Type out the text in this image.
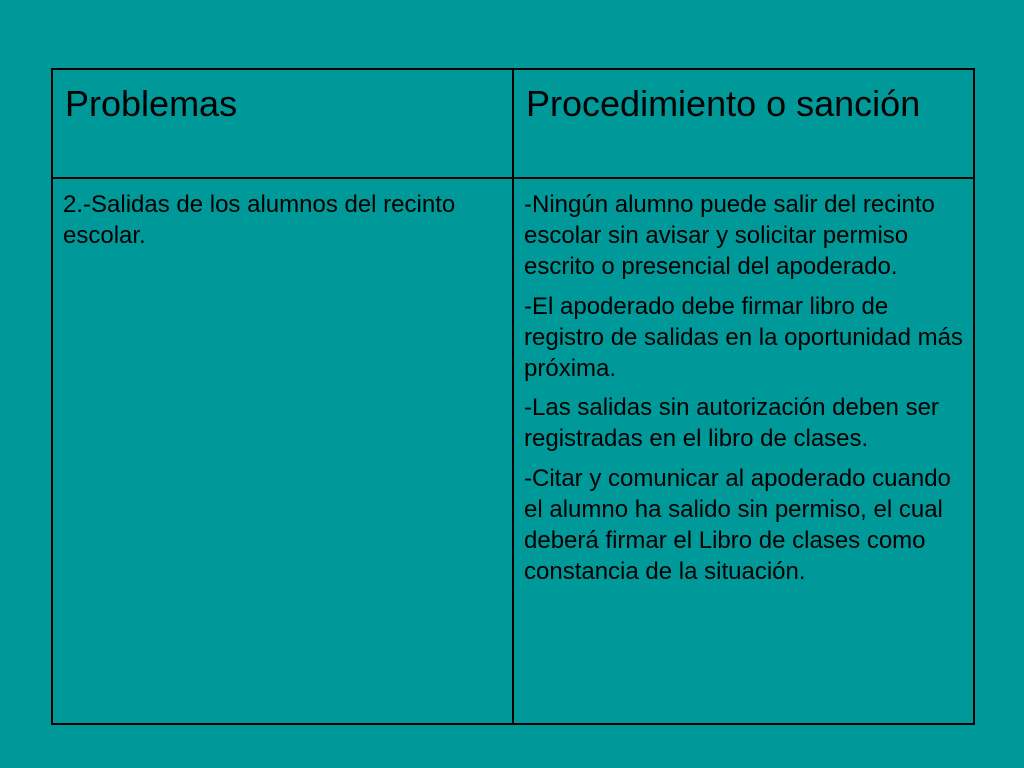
Problemas	Procedimiento o sanción

2.-Salidas de los alumnos del recinto escolar.	-Ningún alumno puede salir del recinto escolar sin avisar y solicitar permiso escrito o presencial del apoderado.

-El apoderado debe firmar libro de registro de salidas en la oportunidad más próxima.

-Las salidas sin autorización deben ser registradas en el libro de clases.

-Citar y comunicar al apoderado cuando el alumno ha salido sin permiso, el cual deberá firmar el Libro de clases como constancia de la situación.
